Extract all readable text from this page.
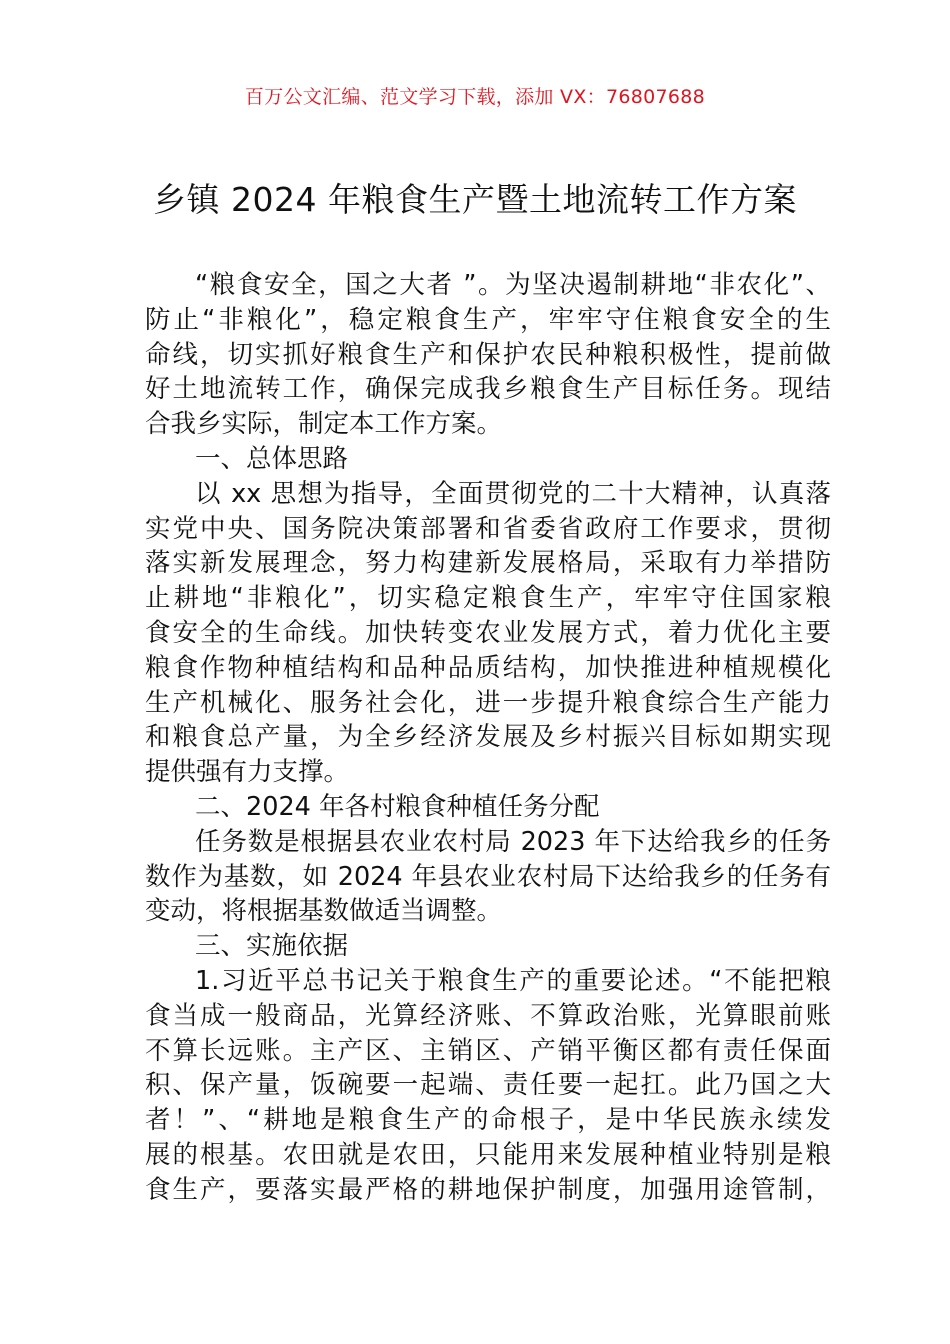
百万公文汇编、范文学习下载，添加 VX：76807688
乡镇 2024 年粮食生产暨土地流转工作方案
“粮食安全，国之大者 ”。为坚决遏制耕地“非农化”、
防止“非粮化”，稳定粮食生产，牢牢守住粮食安全的生
命线，切实抓好粮食生产和保护农民种粮积极性，提前做
好土地流转工作，确保完成我乡粮食生产目标任务。现结
合我乡实际，制定本工作方案。
一、总体思路
以 xx 思想为指导，全面贯彻党的二十大精神，认真落
实党中央、国务院决策部署和省委省政府工作要求，贯彻
落实新发展理念，努力构建新发展格局，采取有力举措防
止耕地“非粮化”，切实稳定粮食生产，牢牢守住国家粮
食安全的生命线。加快转变农业发展方式，着力优化主要
粮食作物种植结构和品种品质结构，加快推进种植规模化
生产机械化、服务社会化，进一步提升粮食综合生产能力
和粮食总产量，为全乡经济发展及乡村振兴目标如期实现
提供强有力支撑。
二、2024 年各村粮食种植任务分配
任务数是根据县农业农村局 2023 年下达给我乡的任务
数作为基数，如 2024 年县农业农村局下达给我乡的任务有
变动，将根据基数做适当调整。
三、实施依据
1.习近平总书记关于粮食生产的重要论述。“不能把粮
食当成一般商品，光算经济账、不算政治账，光算眼前账
不算长远账。主产区、主销区、产销平衡区都有责任保面
积、保产量，饭碗要一起端、责任要一起扛。此乃国之大
者！”、“耕地是粮食生产的命根子，是中华民族永续发
展的根基。农田就是农田，只能用来发展种植业特别是粮
食生产，要落实最严格的耕地保护制度，加强用途管制，
